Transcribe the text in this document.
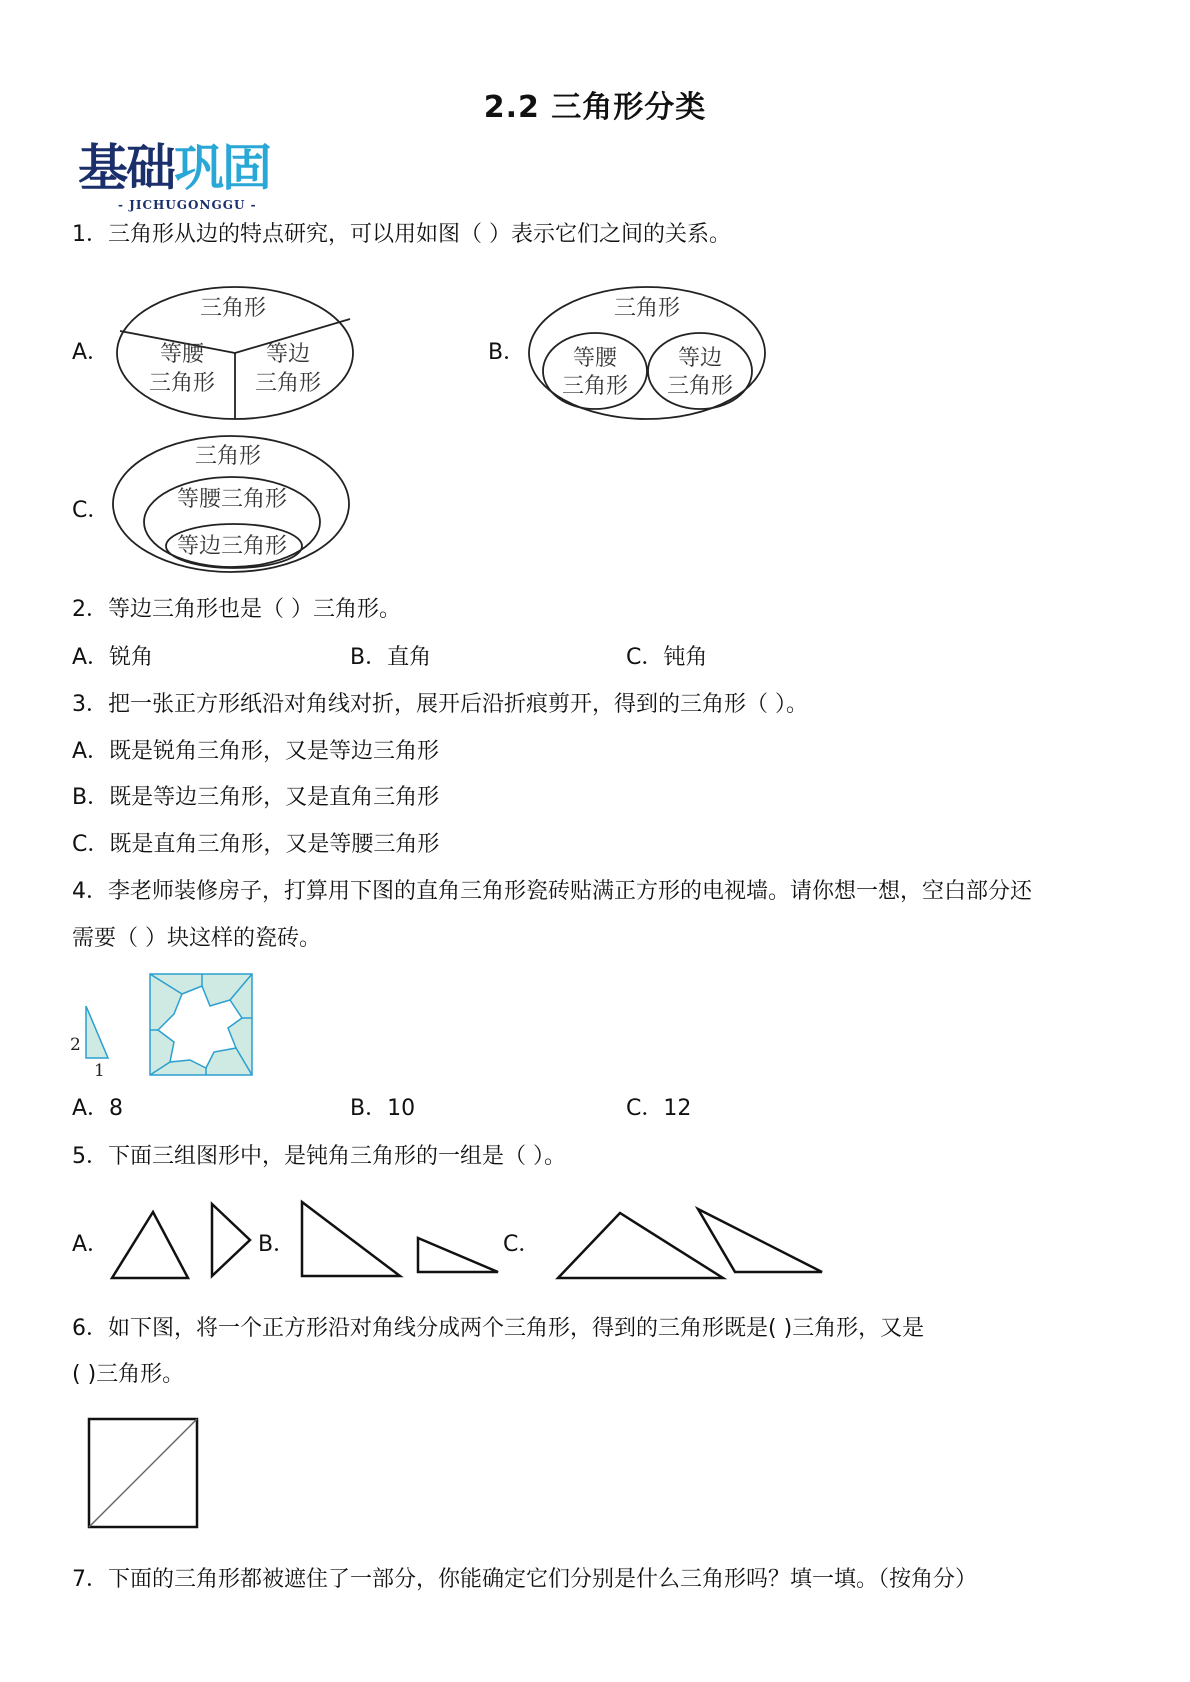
2.2 三角形分类
基础巩固
- JICHUGONGGU -
1．三角形从边的特点研究，可以用如图（ ）表示它们之间的关系。
A．
三角形
等腰
三角形
等边
三角形
B．
三角形
等腰
三角形
等边
三角形
C．
三角形
等腰三角形
等边三角形
2．等边三角形也是（ ）三角形。
A．锐角	B．直角	C．钝角
3．把一张正方形纸沿对角线对折，展开后沿折痕剪开，得到的三角形（ ）。
A．既是锐角三角形，又是等边三角形
B．既是等边三角形，又是直角三角形
C．既是直角三角形，又是等腰三角形
4．李老师装修房子，打算用下图的直角三角形瓷砖贴满正方形的电视墙。请你想一想，空白部分还
需要（ ）块这样的瓷砖。
2
1
A．8	B．10	C．12
5．下面三组图形中，是钝角三角形的一组是（ ）。
A．	B．	C．
6．如下图，将一个正方形沿对角线分成两个三角形，得到的三角形既是( )三角形，又是
( )三角形。
7．下面的三角形都被遮住了一部分，你能确定它们分别是什么三角形吗？填一填。（按角分）
